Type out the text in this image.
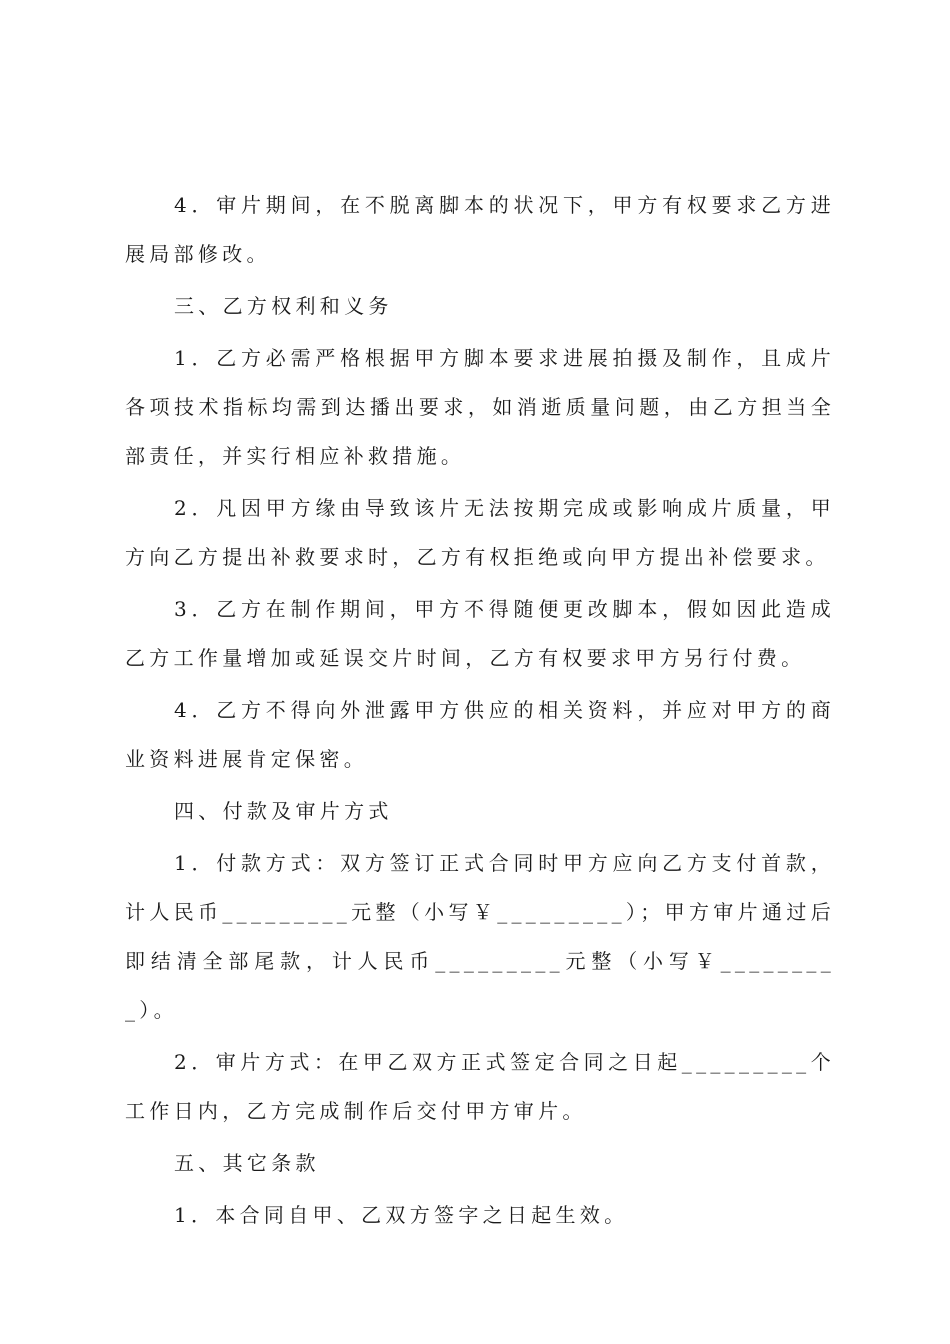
4．审片期间，在不脱离脚本的状况下，甲方有权要求乙方进展局部修改。

三、乙方权利和义务

1．乙方必需严格根据甲方脚本要求进展拍摄及制作，且成片各项技术指标均需到达播出要求，如消逝质量问题，由乙方担当全部责任，并实行相应补救措施。

2．凡因甲方缘由导致该片无法按期完成或影响成片质量，甲方向乙方提出补救要求时，乙方有权拒绝或向甲方提出补偿要求。

3．乙方在制作期间，甲方不得随便更改脚本，假如因此造成乙方工作量增加或延误交片时间，乙方有权要求甲方另行付费。

4．乙方不得向外泄露甲方供应的相关资料，并应对甲方的商业资料进展肯定保密。

四、付款及审片方式

1．付款方式：双方签订正式合同时甲方应向乙方支付首款，计人民币_________元整（小写￥_________）；甲方审片通过后即结清全部尾款，计人民币_________元整（小写￥_________）。

2．审片方式：在甲乙双方正式签定合同之日起_________个工作日内，乙方完成制作后交付甲方审片。

五、其它条款

1．本合同自甲、乙双方签字之日起生效。
